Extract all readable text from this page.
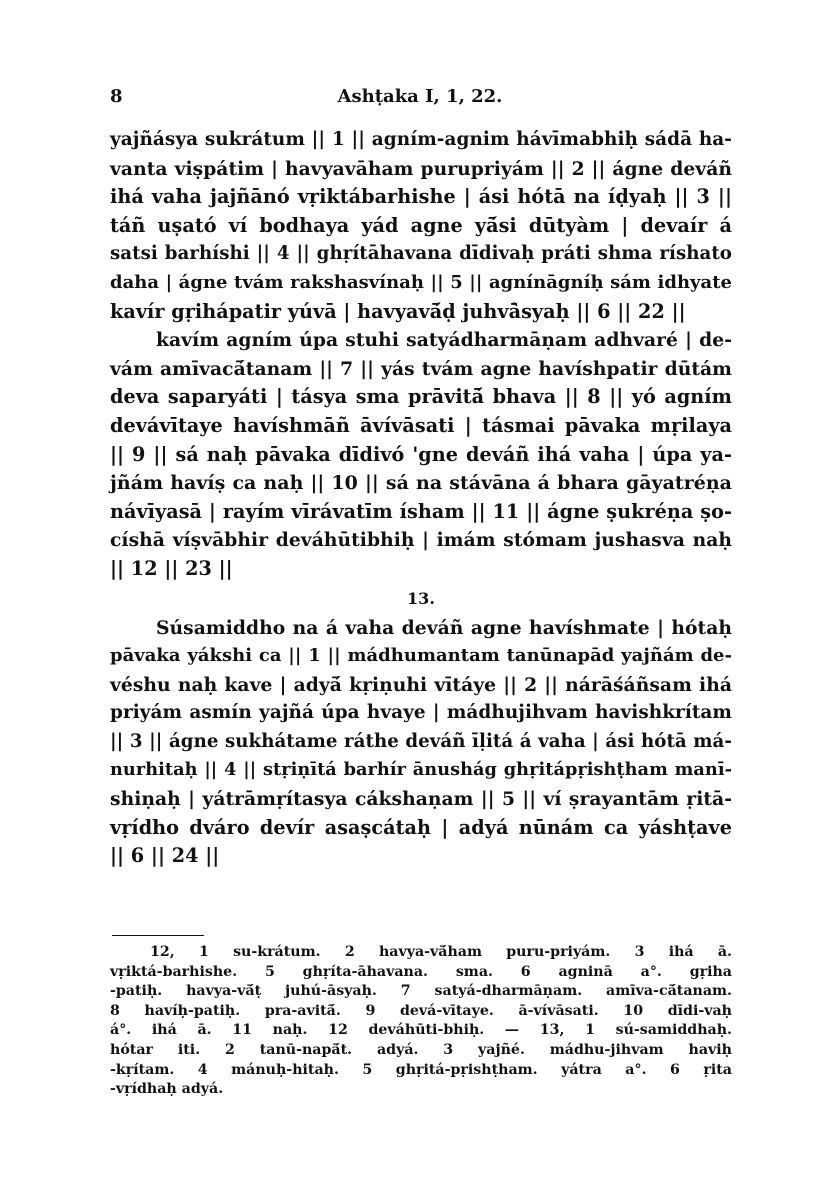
8	Ashṭaka I, 1, 22.
yajñásya sukrátum || 1 || agním-agnim hávīmabhiḥ sádā ha-
vanta viṣpátim | havyavāham purupriyám || 2 || ágne deváñ
ihá vaha jajñānó vṛiktábarhishe | ási hótā na íḍyaḥ || 3 ||
táñ uṣató ví bodhaya yád agne yā́si dūtyàm | devaír á
satsi barhíshi || 4 || ghṛítāhavana dīdivaḥ práti shma ríshato
daha | ágne tvám rakshasvínaḥ || 5 || agnínāgníḥ sám idhyate
kavír gṛihápatir yúvā | havyavā́ḍ juhvā̀syaḥ || 6 || 22 ||
kavím agním úpa stuhi satyádharmāṇam adhvaré | de-
vám amīvacā́tanam || 7 || yás tvám agne havíshpatir dūtám
deva saparyáti | tásya sma prāvitā́ bhava || 8 || yó agním
devávītaye havíshmāñ āvívāsati | tásmai pāvaka mṛilaya
|| 9 || sá naḥ pāvaka dīdivó 'gne deváñ ihá vaha | úpa ya-
jñám havíṣ ca naḥ || 10 || sá na stávāna á bhara gāyatréṇa
návīyasā | rayím vīrávatīm ísham || 11 || ágne ṣukréṇa ṣo-
císhā víṣvābhir deváhūtibhiḥ | imám stómam jushasva naḥ
|| 12 || 23 ||
13.
Súsamiddho na á vaha deváñ agne havíshmate | hótaḥ
pāvaka yákshi ca || 1 || mádhumantam tanūnapād yajñám de-
véshu naḥ kave | adyā́ kṛiṇuhi vītáye || 2 || nárāśáñsam ihá
priyám asmín yajñá úpa hvaye | mádhujihvam havishkrítam
|| 3 || ágne sukhátame ráthe deváñ īḷitá á vaha | ási hótā má-
nurhitaḥ || 4 || stṛiṇītá barhír ānushág ghṛitápṛishṭham manī-
shiṇaḥ | yátrāmṛítasya cákshaṇam || 5 || ví ṣrayantām ṛitā-
vṛídho dváro devír asaṣcátaḥ | adyá nūnám ca yáshṭave
|| 6 || 24 ||
12, 1 su-krátum. 2 havya-vā́ham puru-priyám. 3 ihá ā.
vṛiktá-barhishe. 5 ghṛíta-āhavana. sma. 6 agninā a°. gṛiha
-patiḥ. havya-vā́ṭ juhú-āsyaḥ. 7 satyá-dharmāṇam. amīva-cā́tanam.
8 havíḥ-patiḥ. pra-avitā́. 9 devá-vītaye. ā-vívāsati. 10 dīdi-vaḥ
á°. ihá ā. 11 naḥ. 12 deváhūti-bhiḥ. — 13, 1 sú-samiddhaḥ.
hótar iti. 2 tanū-napā́t. adyá. 3 yajñé. mádhu-jihvam haviḥ
-kṛítam. 4 mánuḥ-hitaḥ. 5 ghṛitá-pṛishṭham. yátra a°. 6 ṛita
-vṛídhaḥ adyá.
